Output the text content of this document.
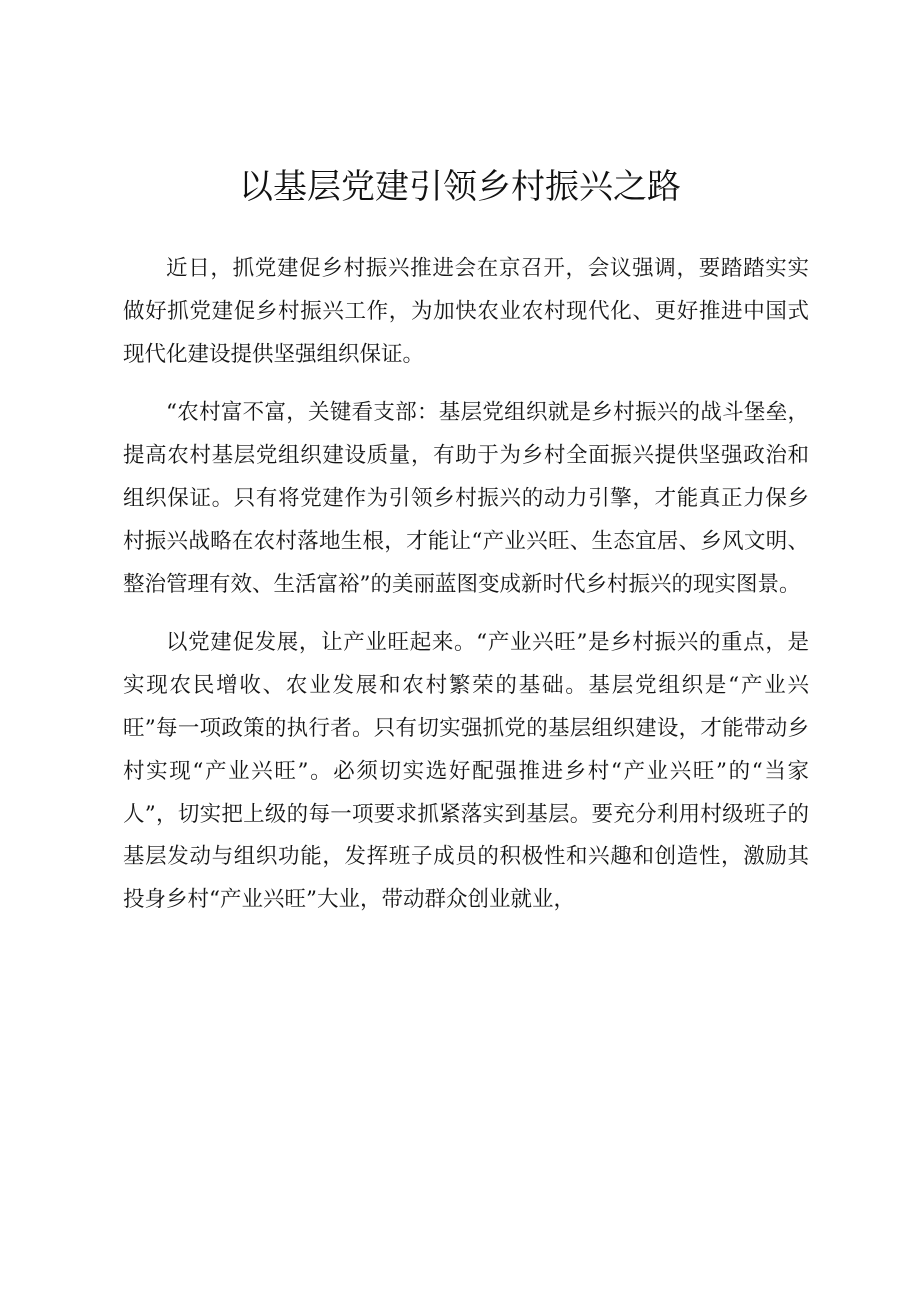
以基层党建引领乡村振兴之路

近日，抓党建促乡村振兴推进会在京召开，会议强调，要踏踏实实做好抓党建促乡村振兴工作，为加快农业农村现代化、更好推进中国式现代化建设提供坚强组织保证。

“农村富不富，关键看支部：基层党组织就是乡村振兴的战斗堡垒，提高农村基层党组织建设质量，有助于为乡村全面振兴提供坚强政治和组织保证。只有将党建作为引领乡村振兴的动力引擎，才能真正力保乡村振兴战略在农村落地生根，才能让“产业兴旺、生态宜居、乡风文明、整治管理有效、生活富裕”的美丽蓝图变成新时代乡村振兴的现实图景。

以党建促发展，让产业旺起来。“产业兴旺”是乡村振兴的重点，是实现农民增收、农业发展和农村繁荣的基础。基层党组织是“产业兴旺”每一项政策的执行者。只有切实强抓党的基层组织建设，才能带动乡村实现“产业兴旺”。必须切实选好配强推进乡村“产业兴旺”的“当家人”，切实把上级的每一项要求抓紧落实到基层。要充分利用村级班子的基层发动与组织功能，发挥班子成员的积极性和兴趣和创造性，激励其投身乡村“产业兴旺”大业，带动群众创业就业，
